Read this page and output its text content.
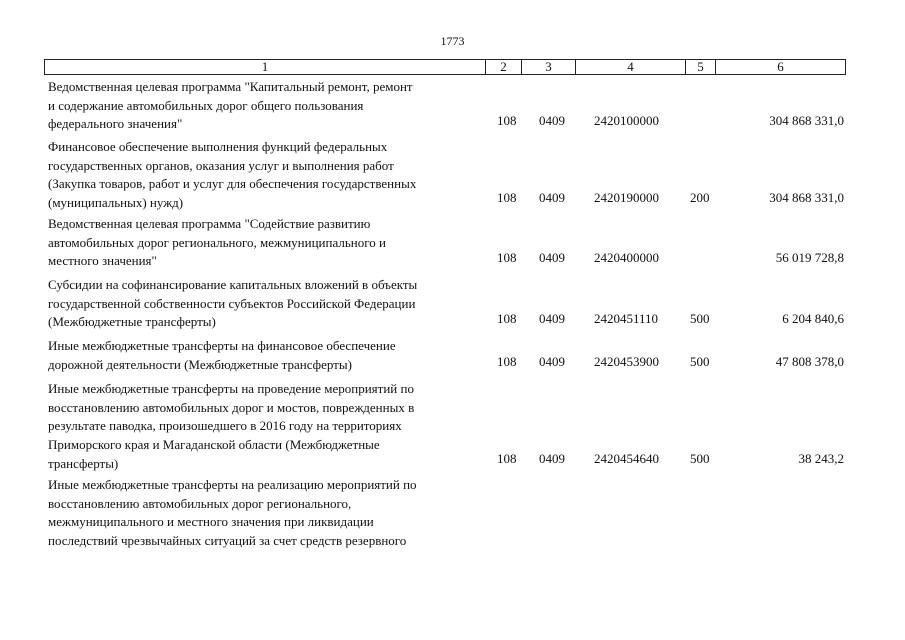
1773
1	2	3	4	5	6
Ведомственная целевая программа "Капитальный ремонт, ремонт
и содержание автомобильных дорог общего пользования
федерального значения"	108 0409 2420100000	304 868 331,0
Финансовое обеспечение выполнения функций федеральных
государственных органов, оказания услуг и выполнения работ
(Закупка товаров, работ и услуг для обеспечения государственных
(муниципальных) нужд)	108 0409 2420190000 200	304 868 331,0
Ведомственная целевая программа "Содействие развитию
автомобильных дорог регионального, межмуниципального и
местного значения"	108 0409 2420400000	56 019 728,8
Субсидии на софинансирование капитальных вложений в объекты
государственной собственности субъектов Российской Федерации
(Межбюджетные трансферты)	108 0409 2420451110 500	6 204 840,6
Иные межбюджетные трансферты на финансовое обеспечение
дорожной деятельности (Межбюджетные трансферты)	108 0409 2420453900 500	47 808 378,0
Иные межбюджетные трансферты на проведение мероприятий по
восстановлению автомобильных дорог и мостов, поврежденных в
результате паводка, произошедшего в 2016 году на территориях
Приморского края и Магаданской области (Межбюджетные
трансферты)	108 0409 2420454640 500	38 243,2
Иные межбюджетные трансферты на реализацию мероприятий по
восстановлению автомобильных дорог регионального,
межмуниципального и местного значения при ликвидации
последствий чрезвычайных ситуаций за счет средств резервного
